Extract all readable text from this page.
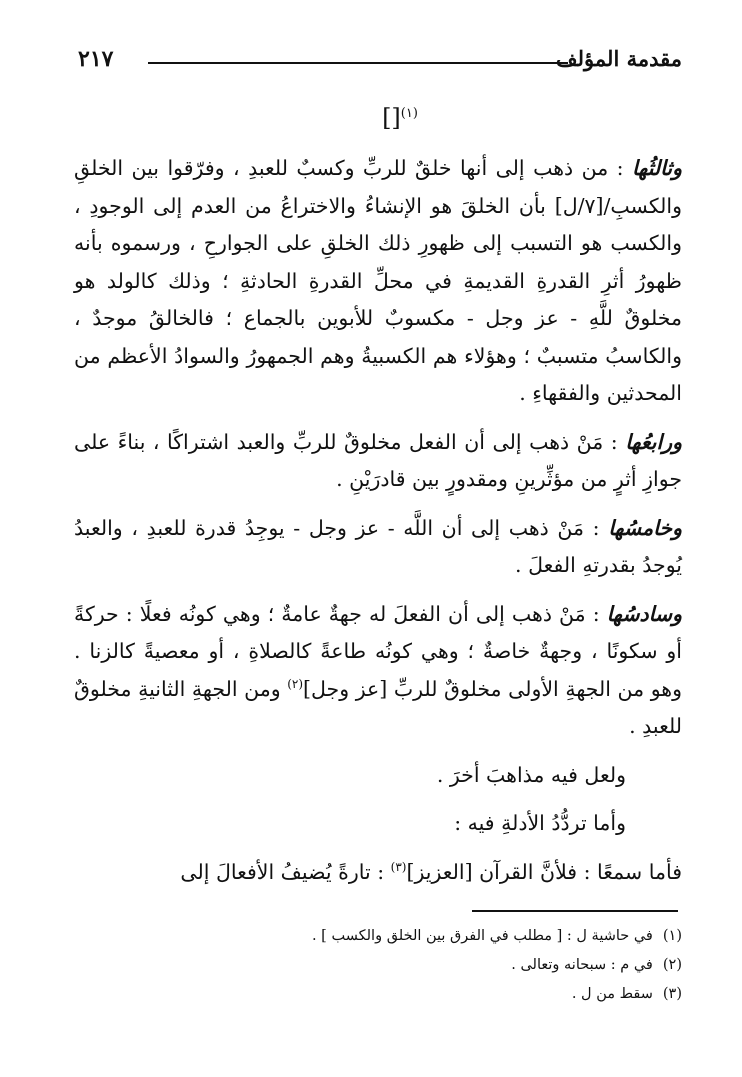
٢١٧	مقدمة المؤلف
[]$^{(١)}$

وثالثُها : من ذهب إلى أنها خلقٌ للربِّ وكسبٌ للعبدِ ، وفرّقوا بين الخلقِ والكسبِ/[٧/ل] بأن الخلقَ هو الإنشاءُ والاختراعُ من العدم إلى الوجودِ ، والكسب هو التسبب إلى ظهورِ ذلك الخلقِ على الجوارحِ ، ورسموه بأنه ظهورُ أثرِ القدرةِ القديمةِ في محلِّ القدرةِ الحادثةِ ؛ وذلك كالولد هو مخلوقٌ للَّهِ - عز وجل - مكسوبٌ للأبوين بالجماع ؛ فالخالقُ موجدٌ ، والكاسبُ متسببٌ ؛ وهؤلاء هم الكسبيةُ وهم الجمهورُ والسوادُ الأعظم من المحدثين والفقهاءِ .

ورابعُها : مَنْ ذهب إلى أن الفعل مخلوقٌ للربِّ والعبد اشتراكًا ، بناءً على جوازِ أثرٍ من مؤثِّرينِ ومقدورٍ بين قادرَيْنِ .

وخامسُها : مَنْ ذهب إلى أن اللَّه - عز وجل - يوجِدُ قدرة للعبدِ ، والعبدُ يُوجدُ بقدرتهِ الفعلَ .

وسادسُها : مَنْ ذهب إلى أن الفعلَ له جهةٌ عامةٌ ؛ وهي كونُه فعلًا : حركةً أو سكونًا ، وجهةٌ خاصةٌ ؛ وهي كونُه طاعةً كالصلاةِ ، أو معصيةً كالزنا . وهو من الجهةِ الأولى مخلوقٌ للربِّ [عز وجل]$^{(٢)}$ ومن الجهةِ الثانيةِ مخلوقٌ للعبدِ .

ولعل فيه مذاهبَ أخرَ .

وأما تردُّدُ الأدلةِ فيه :

فأما سمعًا : فلأنَّ القرآن [العزيز]$^{(٣)}$ : تارةً يُضيفُ الأفعالَ إلى

(١)في حاشية ل : [ مطلب في الفرق بين الخلق والكسب ] .

(٢)في م : سبحانه وتعالى .

(٣)سقط من ل .
